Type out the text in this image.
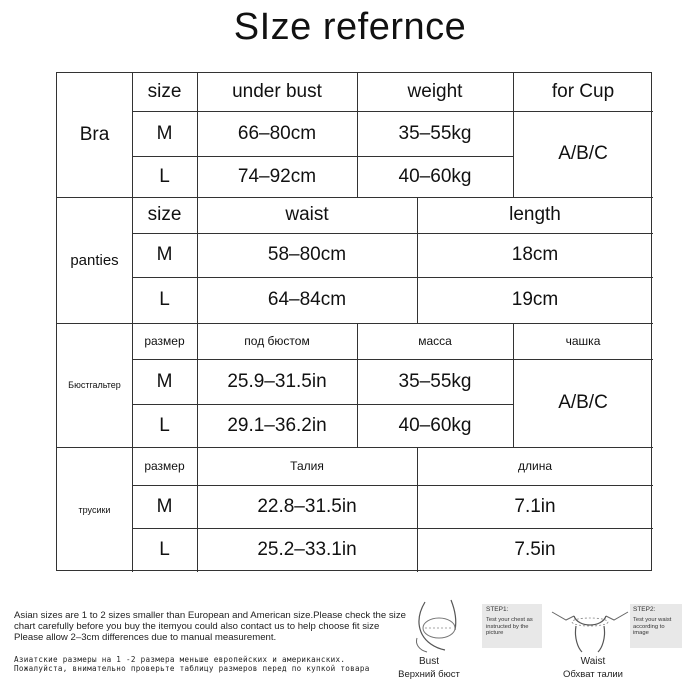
SIze refernce
Bra
size	under bust	weight	for Cup
M	66–80cm	35–55kg
L	74–92cm	40–60kg
A/B/C
panties
size	waist	length
M	58–80cm	18cm
L	64–84cm	19cm
Бюстгальтер
размер	под бюстом	масса	чашка
M	25.9–31.5in	35–55kg
L	29.1–36.2in	40–60kg
A/B/C
трусики
размер	Талия	длина
M	22.8–31.5in	7.1in
L	25.2–33.1in	7.5in
Asian sizes are 1 to 2 sizes smaller than European and American size.Please check the size chart carefully before you buy the itemyou could also contact us to help choose fit size Please allow 2–3cm differences due to manual measurement.
Азиатские размеры на 1 -2 размера меньше европейских и американских. Пожалуйста, внимательно проверьте таблицу размеров перед по купкой товара
STEP1:
Test your chest as instructed by the picture
Bust
Верхний бюст
STEP2:
Test your waist according to image
Waist
Обхват талии
